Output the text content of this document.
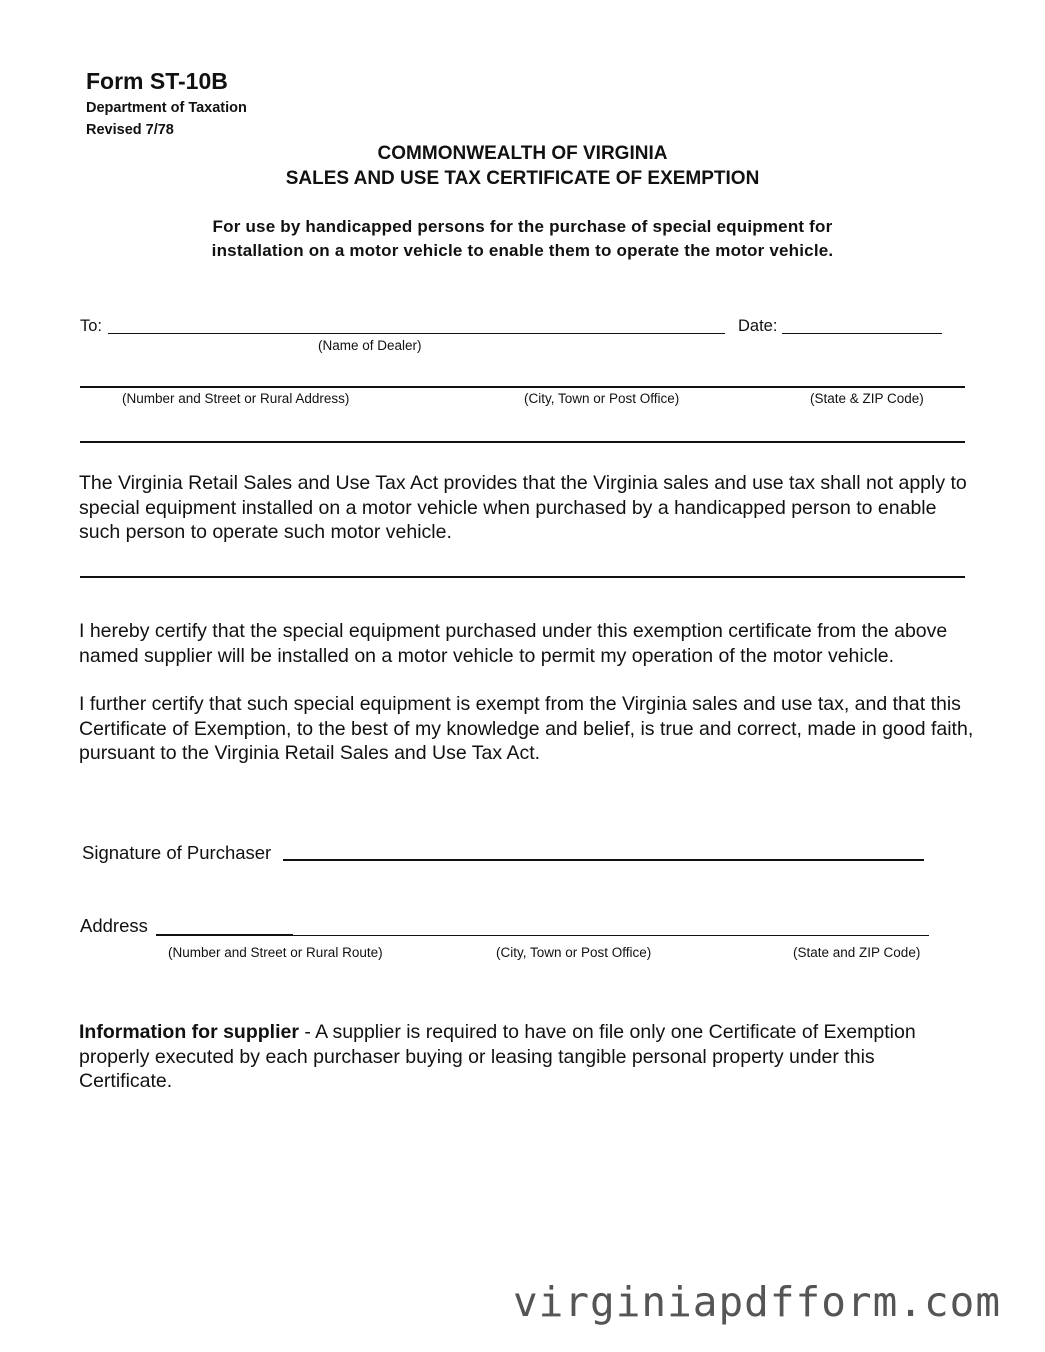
Form ST-10B
Department of Taxation
Revised 7/78
COMMONWEALTH OF VIRGINIA
SALES AND USE TAX CERTIFICATE OF EXEMPTION
For use by handicapped persons for the purchase of special equipment for
installation on a motor vehicle to enable them to operate the motor vehicle.
To:	Date:
(Name of Dealer)
(Number and Street or Rural Address)	(City, Town or Post Office)	(State & ZIP Code)
The Virginia Retail Sales and Use Tax Act provides that the Virginia sales and use tax shall not apply to special equipment installed on a motor vehicle when purchased by a handicapped person to enable such person to operate such motor vehicle.
I hereby certify that the special equipment purchased under this exemption certificate from the above named supplier will be installed on a motor vehicle to permit my operation of the motor vehicle.
I further certify that such special equipment is exempt from the Virginia sales and use tax, and that this Certificate of Exemption, to the best of my knowledge and belief, is true and correct, made in good faith, pursuant to the Virginia Retail Sales and Use Tax Act.
Signature of Purchaser
Address
(Number and Street or Rural Route)	(City, Town or Post Office)	(State and ZIP Code)
Information for supplier - A supplier is required to have on file only one Certificate of Exemption properly executed by each purchaser buying or leasing tangible personal property under this Certificate.
virginiapdfform.com
